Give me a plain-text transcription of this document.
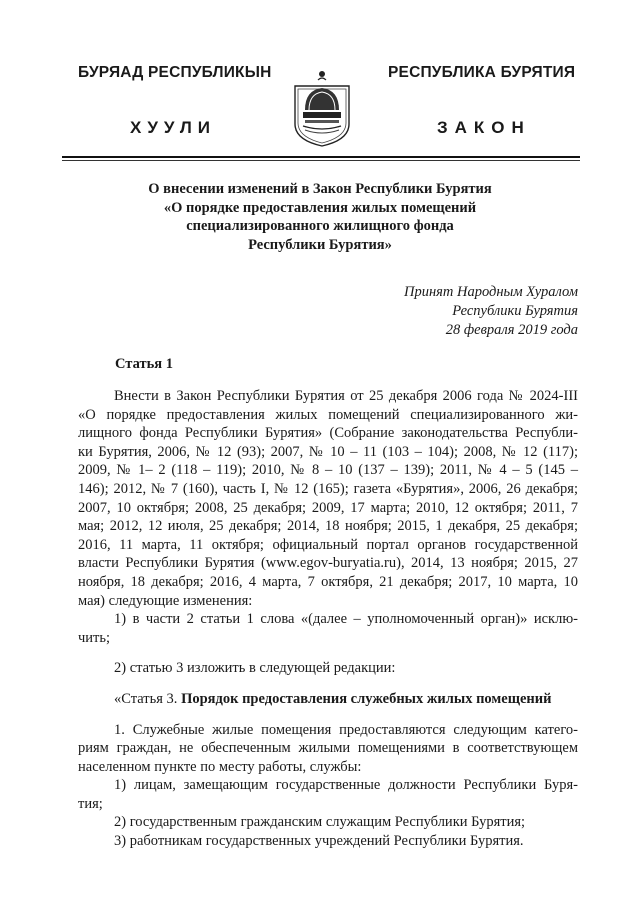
БУРЯАД РЕСПУБЛИКЫН
ХУУЛИ
РЕСПУБЛИКА БУРЯТИЯ
ЗАКОН
О внесении изменений в Закон Республики Бурятия
«О порядке предоставления жилых помещений
специализированного жилищного фонда
Республики Бурятия»
Принят Народным Хуралом
Республики Бурятия
28 февраля 2019 года
Статья 1
Внести в Закон Республики Бурятия от 25 декабря 2006 года № 2024-III
«О порядке предоставления жилых помещений специализированного жи-
лищного фонда Республики Бурятия» (Собрание законодательства Республи-
ки Бурятия, 2006, № 12 (93); 2007, № 10 – 11 (103 – 104); 2008, № 12 (117);
2009, № 1– 2 (118 – 119); 2010, № 8 – 10 (137 – 139); 2011, № 4 – 5 (145 –
146); 2012, № 7 (160), часть I, № 12 (165); газета «Бурятия», 2006, 26 декабря;
2007, 10 октября; 2008, 25 декабря; 2009, 17 марта; 2010, 12 октября; 2011, 7
мая; 2012, 12 июля, 25 декабря; 2014, 18 ноября; 2015, 1 декабря, 25 декабря;
2016, 11 марта, 11 октября; официальный портал органов государственной
власти Республики Бурятия (www.egov-buryatia.ru), 2014, 13 ноября; 2015, 27
ноября, 18 декабря; 2016, 4 марта, 7 октября, 21 декабря; 2017, 10 марта, 10
мая) следующие изменения:
1) в части 2 статьи 1 слова «(далее – уполномоченный орган)» исклю-
чить;
2) статью 3 изложить в следующей редакции:
«Статья 3. Порядок предоставления служебных жилых помещений
1. Служебные жилые помещения предоставляются следующим катего-
риям граждан, не обеспеченным жилыми помещениями в соответствующем
населенном пункте по месту работы, службы:
1) лицам, замещающим государственные должности Республики Буря-
тия;
2) государственным гражданским служащим Республики Бурятия;
3) работникам государственных учреждений Республики Бурятия.
